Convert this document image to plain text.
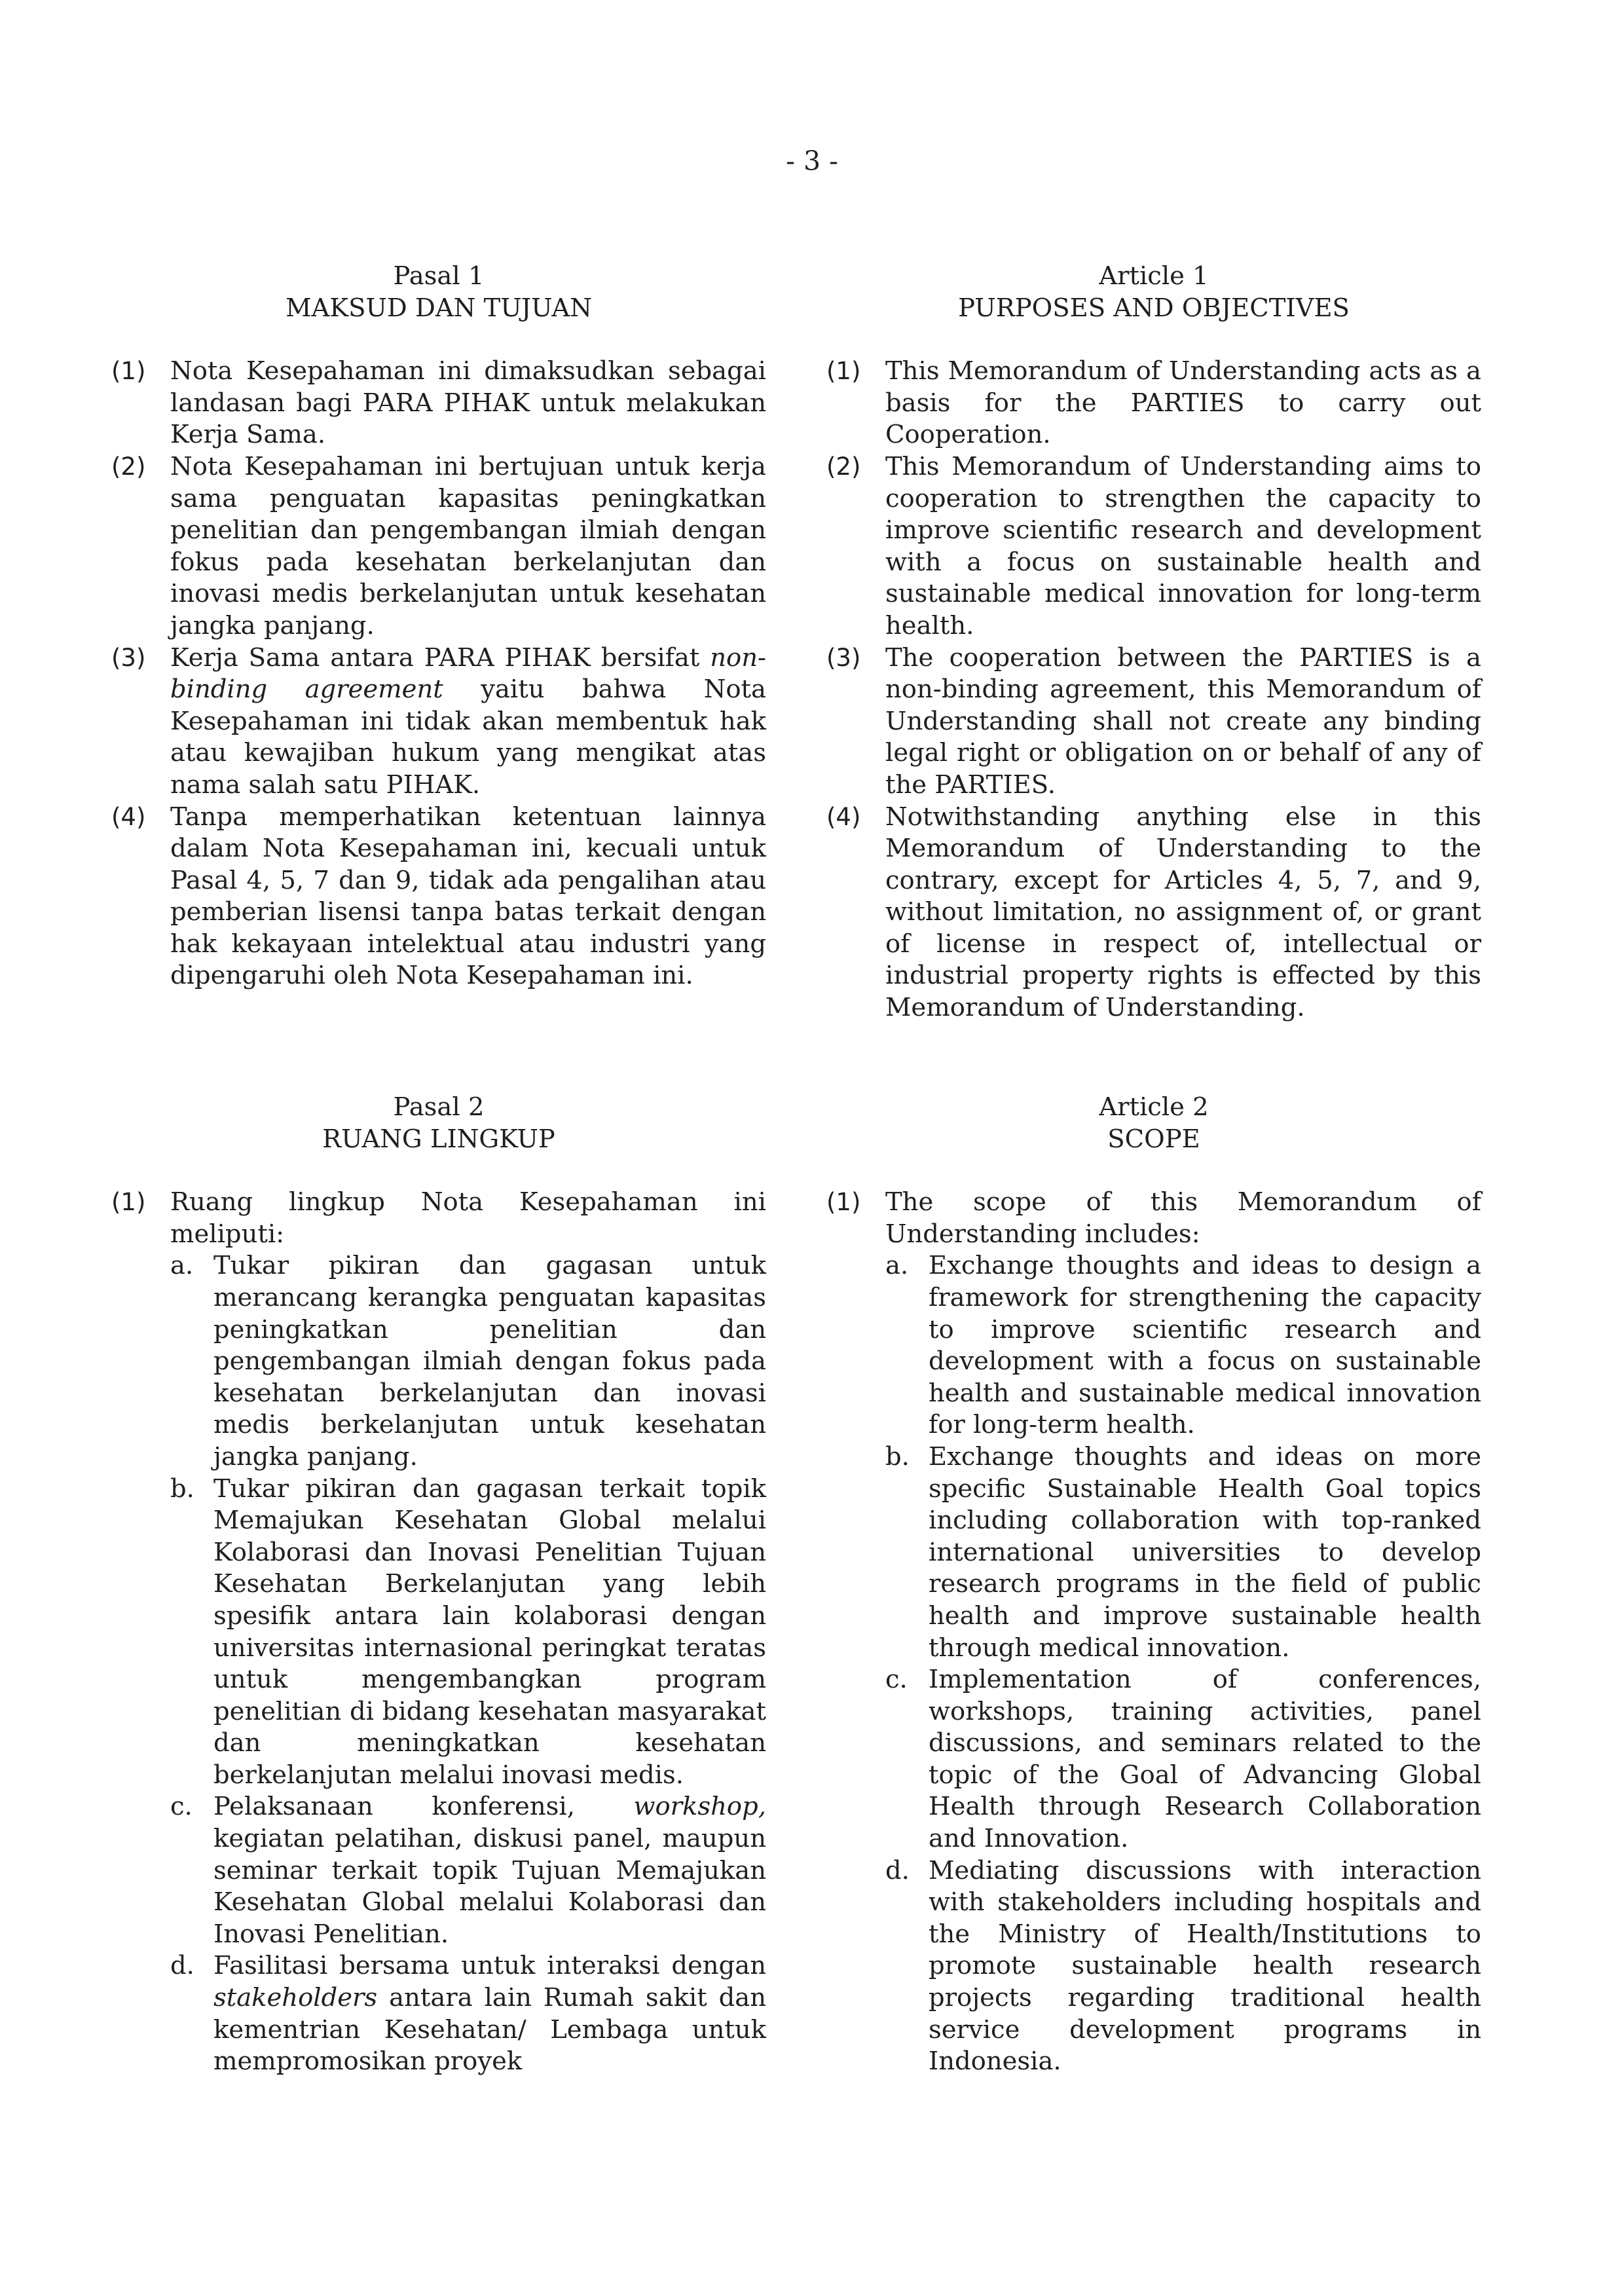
- 3 -
Pasal 1
MAKSUD DAN TUJUAN
(1) Nota Kesepahaman ini dimaksudkan sebagai landasan bagi PARA PIHAK untuk melakukan Kerja Sama.
(2) Nota Kesepahaman ini bertujuan untuk kerja sama penguatan kapasitas peningkatkan penelitian dan pengembangan ilmiah dengan fokus pada kesehatan berkelanjutan dan inovasi medis berkelanjutan untuk kesehatan jangka panjang.
(3) Kerja Sama antara PARA PIHAK bersifat non-binding agreement yaitu bahwa Nota Kesepahaman ini tidak akan membentuk hak atau kewajiban hukum yang mengikat atas nama salah satu PIHAK.
(4) Tanpa memperhatikan ketentuan lainnya dalam Nota Kesepahaman ini, kecuali untuk Pasal 4, 5, 7 dan 9, tidak ada pengalihan atau pemberian lisensi tanpa batas terkait dengan hak kekayaan intelektual atau industri yang dipengaruhi oleh Nota Kesepahaman ini.
Article 1
PURPOSES AND OBJECTIVES
(1) This Memorandum of Understanding acts as a basis for the PARTIES to carry out Cooperation.
(2) This Memorandum of Understanding aims to cooperation to strengthen the capacity to improve scientific research and development with a focus on sustainable health and sustainable medical innovation for long-term health.
(3) The cooperation between the PARTIES is a non-binding agreement, this Memorandum of Understanding shall not create any binding legal right or obligation on or behalf of any of the PARTIES.
(4) Notwithstanding anything else in this Memorandum of Understanding to the contrary, except for Articles 4, 5, 7, and 9, without limitation, no assignment of, or grant of license in respect of, intellectual or industrial property rights is effected by this Memorandum of Understanding.
Pasal 2
RUANG LINGKUP
(1) Ruang lingkup Nota Kesepahaman ini meliputi:
a. Tukar pikiran dan gagasan untuk merancang kerangka penguatan kapasitas peningkatkan penelitian dan pengembangan ilmiah dengan fokus pada kesehatan berkelanjutan dan inovasi medis berkelanjutan untuk kesehatan jangka panjang.
b. Tukar pikiran dan gagasan terkait topik Memajukan Kesehatan Global melalui Kolaborasi dan Inovasi Penelitian Tujuan Kesehatan Berkelanjutan yang lebih spesifik antara lain kolaborasi dengan universitas internasional peringkat teratas untuk mengembangkan program penelitian di bidang kesehatan masyarakat dan meningkatkan kesehatan berkelanjutan melalui inovasi medis.
c. Pelaksanaan konferensi, workshop, kegiatan pelatihan, diskusi panel, maupun seminar terkait topik Tujuan Memajukan Kesehatan Global melalui Kolaborasi dan Inovasi Penelitian.
d. Fasilitasi bersama untuk interaksi dengan stakeholders antara lain Rumah sakit dan kementrian Kesehatan/ Lembaga untuk mempromosikan proyek
Article 2
SCOPE
(1) The scope of this Memorandum of Understanding includes:
a. Exchange thoughts and ideas to design a framework for strengthening the capacity to improve scientific research and development with a focus on sustainable health and sustainable medical innovation for long-term health.
b. Exchange thoughts and ideas on more specific Sustainable Health Goal topics including collaboration with top-ranked international universities to develop research programs in the field of public health and improve sustainable health through medical innovation.
c. Implementation of conferences, workshops, training activities, panel discussions, and seminars related to the topic of the Goal of Advancing Global Health through Research Collaboration and Innovation.
d. Mediating discussions with interaction with stakeholders including hospitals and the Ministry of Health/Institutions to promote sustainable health research projects regarding traditional health service development programs in Indonesia.
